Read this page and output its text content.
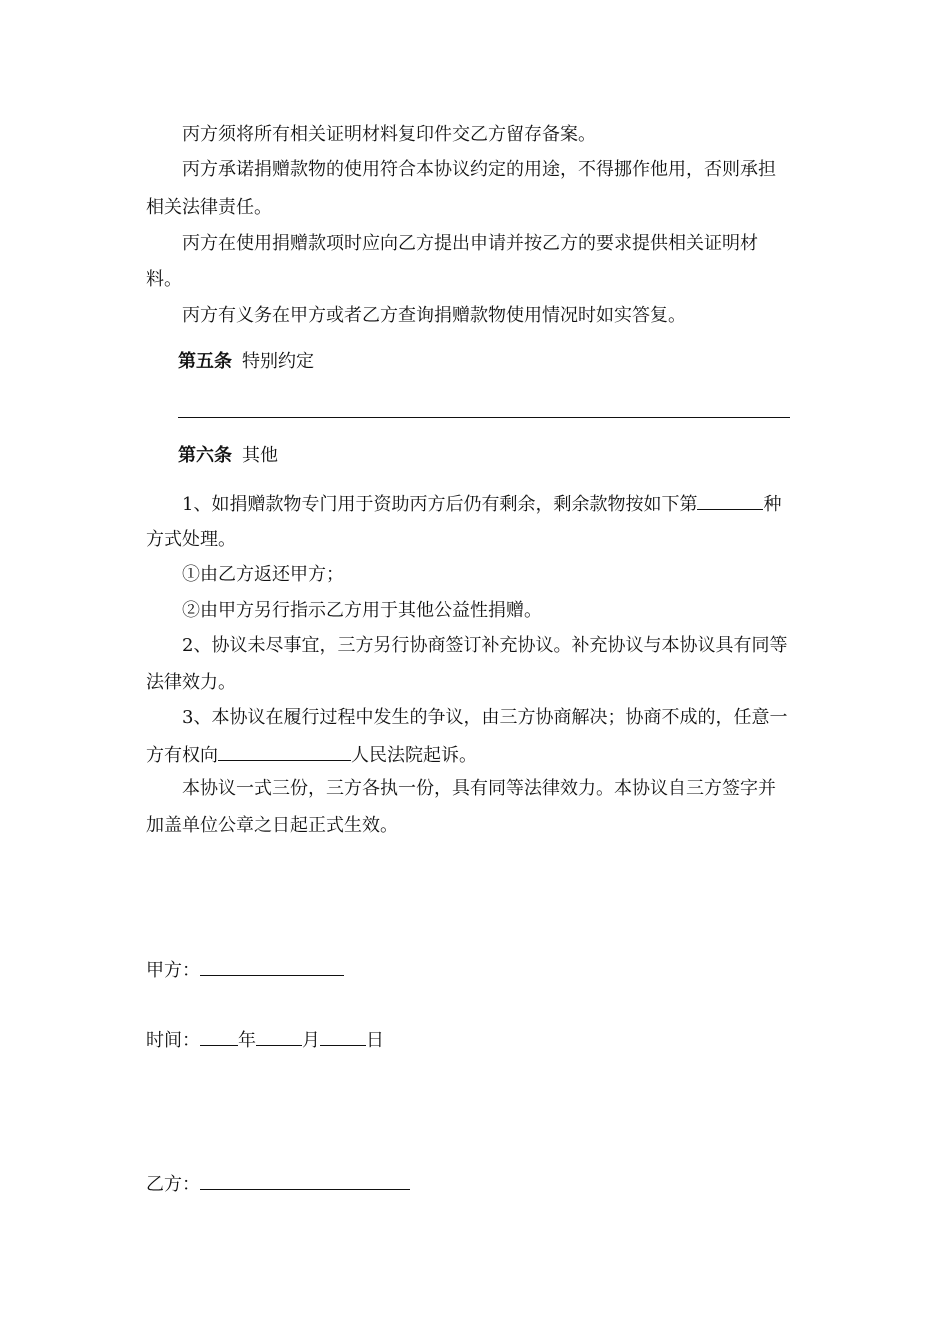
丙方须将所有相关证明材料复印件交乙方留存备案。
丙方承诺捐赠款物的使用符合本协议约定的用途，不得挪作他用，否则承担
相关法律责任。
丙方在使用捐赠款项时应向乙方提出申请并按乙方的要求提供相关证明材
料。
丙方有义务在甲方或者乙方查询捐赠款物使用情况时如实答复。
第五条 特别约定
第六条 其他
1、如捐赠款物专门用于资助丙方后仍有剩余，剩余款物按如下第	种
方式处理。
①由乙方返还甲方；
②由甲方另行指示乙方用于其他公益性捐赠。
2、协议未尽事宜，三方另行协商签订补充协议。补充协议与本协议具有同等
法律效力。
3、本协议在履行过程中发生的争议，由三方协商解决；协商不成的，任意一
方有权向	人民法院起诉。
本协议一式三份，三方各执一份，具有同等法律效力。本协议自三方签字并
加盖单位公章之日起正式生效。
甲方：
时间： 年	月	日
乙方：
